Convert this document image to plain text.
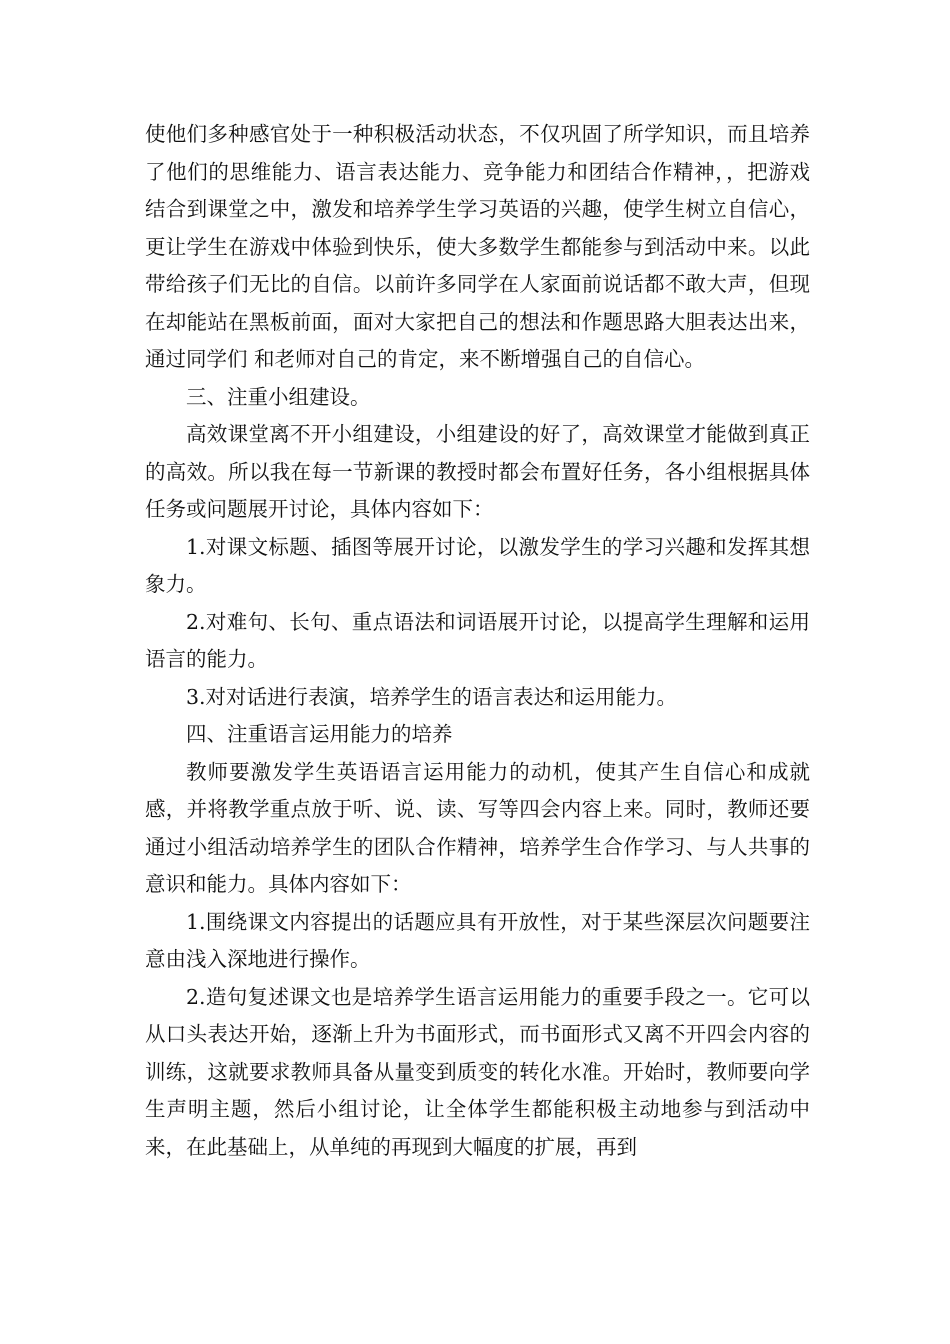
使他们多种感官处于一种积极活动状态，不仅巩固了所学知识，而且培养了他们的思维能力、语言表达能力、竞争能力和团结合作精神，，把游戏结合到课堂之中，激发和培养学生学习英语的兴趣，使学生树立自信心，更让学生在游戏中体验到快乐，使大多数学生都能参与到活动中来。以此带给孩子们无比的自信。以前许多同学在人家面前说话都不敢大声，但现在却能站在黑板前面，面对大家把自己的想法和作题思路大胆表达出来，通过同学们 和老师对自己的肯定，来不断增强自己的自信心。

三、注重小组建设。

高效课堂离不开小组建设，小组建设的好了，高效课堂才能做到真正的高效。所以我在每一节新课的教授时都会布置好任务，各小组根据具体任务或问题展开讨论，具体内容如下：

1.对课文标题、插图等展开讨论，以激发学生的学习兴趣和发挥其想象力。

2.对难句、长句、重点语法和词语展开讨论，以提高学生理解和运用语言的能力。

3.对对话进行表演，培养学生的语言表达和运用能力。

四、注重语言运用能力的培养

教师要激发学生英语语言运用能力的动机，使其产生自信心和成就感，并将教学重点放于听、说、读、写等四会内容上来。同时，教师还要通过小组活动培养学生的团队合作精神，培养学生合作学习、与人共事的意识和能力。具体内容如下：

1.围绕课文内容提出的话题应具有开放性，对于某些深层次问题要注意由浅入深地进行操作。

2.造句复述课文也是培养学生语言运用能力的重要手段之一。它可以从口头表达开始，逐渐上升为书面形式，而书面形式又离不开四会内容的训练，这就要求教师具备从量变到质变的转化水准。开始时，教师要向学生声明主题，然后小组讨论，让全体学生都能积极主动地参与到活动中来，在此基础上，从单纯的再现到大幅度的扩展，再到
